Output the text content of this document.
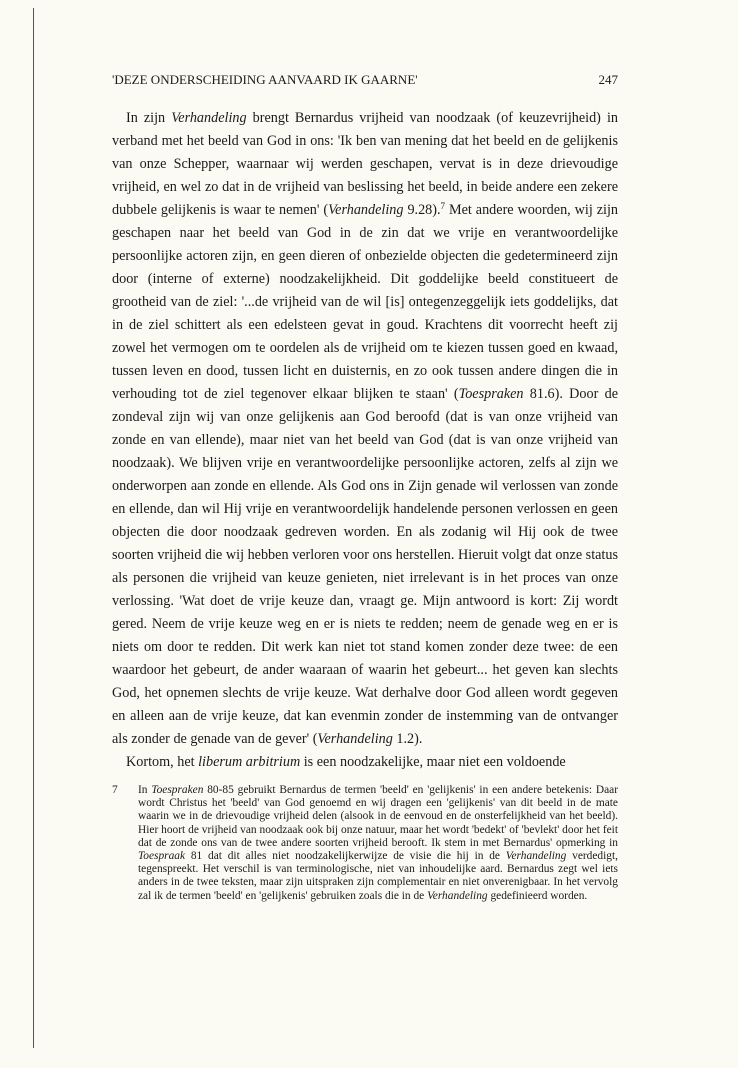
'DEZE ONDERSCHEIDING AANVAARD IK GAARNE'	247

In zijn Verhandeling brengt Bernardus vrijheid van noodzaak (of keuzevrijheid) in verband met het beeld van God in ons: 'Ik ben van mening dat het beeld en de gelijkenis van onze Schepper, waarnaar wij werden geschapen, vervat is in deze drievoudige vrijheid, en wel zo dat in de vrijheid van beslissing het beeld, in beide andere een zekere dubbele gelijkenis is waar te nemen' (Verhandeling 9.28).$^7$ Met andere woorden, wij zijn geschapen naar het beeld van God in de zin dat we vrije en verantwoordelijke persoonlijke actoren zijn, en geen dieren of onbezielde objecten die gedetermineerd zijn door (interne of externe) noodzakelijkheid. Dit goddelijke beeld constitueert de grootheid van de ziel: '...de vrijheid van de wil [is] ontegenzeggelijk iets goddelijks, dat in de ziel schittert als een edelsteen gevat in goud. Krachtens dit voorrecht heeft zij zowel het vermogen om te oordelen als de vrijheid om te kiezen tussen goed en kwaad, tussen leven en dood, tussen licht en duisternis, en zo ook tussen andere dingen die in verhouding tot de ziel tegenover elkaar blijken te staan' (Toespraken 81.6). Door de zondeval zijn wij van onze gelijkenis aan God beroofd (dat is van onze vrijheid van zonde en van ellende), maar niet van het beeld van God (dat is van onze vrijheid van noodzaak). We blijven vrije en verantwoordelijke persoonlijke actoren, zelfs al zijn we onderworpen aan zonde en ellende. Als God ons in Zijn genade wil verlossen van zonde en ellende, dan wil Hij vrije en verantwoordelijk handelende personen verlossen en geen objecten die door noodzaak gedreven worden. En als zodanig wil Hij ook de twee soorten vrijheid die wij hebben verloren voor ons herstellen. Hieruit volgt dat onze status als personen die vrijheid van keuze genieten, niet irrelevant is in het proces van onze verlossing. 'Wat doet de vrije keuze dan, vraagt ge. Mijn antwoord is kort: Zij wordt gered. Neem de vrije keuze weg en er is niets te redden; neem de genade weg en er is niets om door te redden. Dit werk kan niet tot stand komen zonder deze twee: de een waardoor het gebeurt, de ander waaraan of waarin het gebeurt... het geven kan slechts God, het opnemen slechts de vrije keuze. Wat derhalve door God alleen wordt gegeven en alleen aan de vrije keuze, dat kan evenmin zonder de instemming van de ontvanger als zonder de genade van de gever' (Verhandeling 1.2).

Kortom, het liberum arbitrium is een noodzakelijke, maar niet een voldoende

7	In Toespraken 80-85 gebruikt Bernardus de termen 'beeld' en 'gelijkenis' in een andere betekenis: Daar wordt Christus het 'beeld' van God genoemd en wij dragen een 'gelijkenis' van dit beeld in de mate waarin we in de drievoudige vrijheid delen (alsook in de eenvoud en de onsterfelijkheid van het beeld). Hier hoort de vrijheid van noodzaak ook bij onze natuur, maar het wordt 'bedekt' of 'bevlekt' door het feit dat de zonde ons van de twee andere soorten vrijheid berooft. Ik stem in met Bernardus' opmerking in Toespraak 81 dat dit alles niet noodzakelijkerwijze de visie die hij in de Verhandeling verdedigt, tegenspreekt. Het verschil is van terminologische, niet van inhoudelijke aard. Bernardus zegt wel iets anders in de twee teksten, maar zijn uitspraken zijn complementair en niet onverenigbaar. In het vervolg zal ik de termen 'beeld' en 'gelijkenis' gebruiken zoals die in de Verhandeling gedefinieerd worden.
